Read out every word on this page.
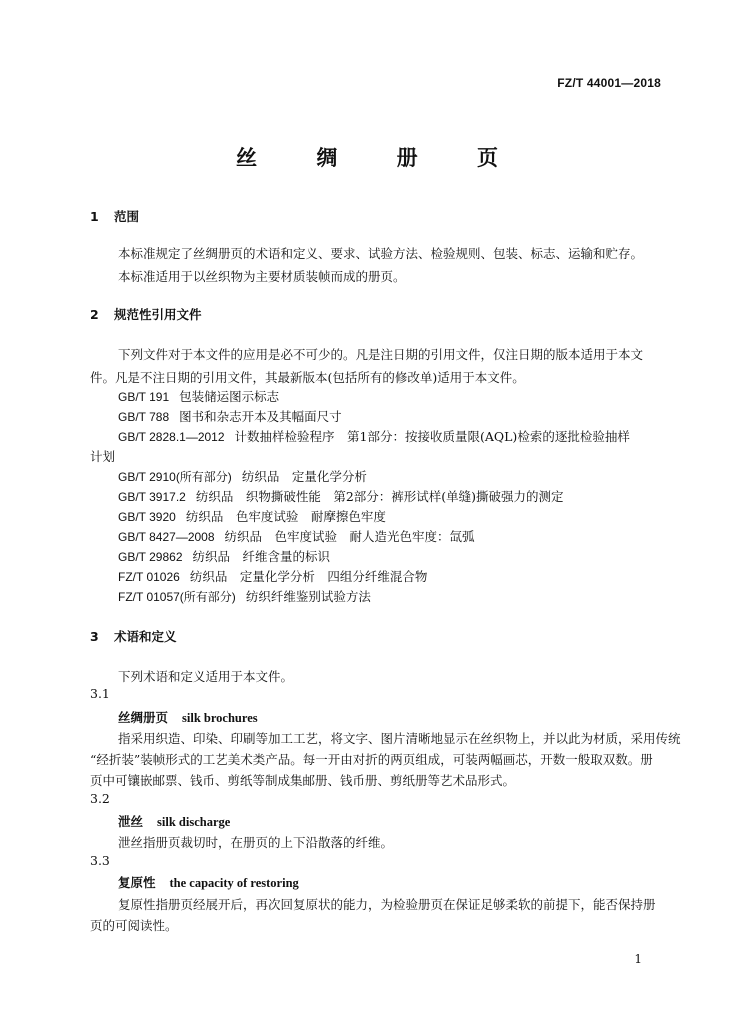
FZ/T 44001—2018
丝 绸 册 页
1 范围
本标准规定了丝绸册页的术语和定义、要求、试验方法、检验规则、包装、标志、运输和贮存。
本标准适用于以丝织物为主要材质装帧而成的册页。
2 规范性引用文件
下列文件对于本文件的应用是必不可少的。凡是注日期的引用文件，仅注日期的版本适用于本文
件。凡是不注日期的引用文件，其最新版本(包括所有的修改单)适用于本文件。
GB/T 191 包装储运图示标志
GB/T 788 图书和杂志开本及其幅面尺寸
GB/T 2828.1—2012 计数抽样检验程序　第1部分：按接收质量限(AQL)检索的逐批检验抽样
计划
GB/T 2910(所有部分) 纺织品　定量化学分析
GB/T 3917.2 纺织品　织物撕破性能　第2部分：裤形试样(单缝)撕破强力的测定
GB/T 3920 纺织品　色牢度试验　耐摩擦色牢度
GB/T 8427—2008 纺织品　色牢度试验　耐人造光色牢度：氙弧
GB/T 29862 纺织品　纤维含量的标识
FZ/T 01026 纺织品　定量化学分析　四组分纤维混合物
FZ/T 01057(所有部分) 纺织纤维鉴别试验方法
3 术语和定义
下列术语和定义适用于本文件。
3.1
丝绸册页 silk brochures
指采用织造、印染、印刷等加工工艺，将文字、图片清晰地显示在丝织物上，并以此为材质，采用传统
“经折装”装帧形式的工艺美术类产品。每一开由对折的两页组成，可装两幅画芯，开数一般取双数。册
页中可镶嵌邮票、钱币、剪纸等制成集邮册、钱币册、剪纸册等艺术品形式。
3.2
泄丝 silk discharge
泄丝指册页裁切时，在册页的上下沿散落的纤维。
3.3
复原性 the capacity of restoring
复原性指册页经展开后，再次回复原状的能力，为检验册页在保证足够柔软的前提下，能否保持册
页的可阅读性。
1
